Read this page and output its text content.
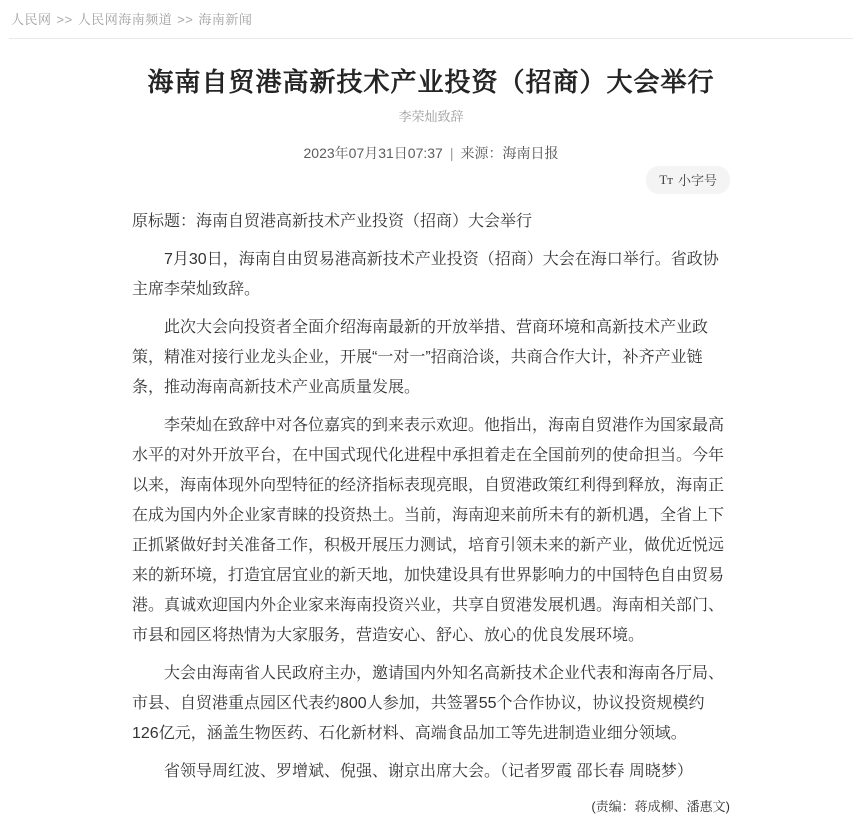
人民网 >> 人民网海南频道 >> 海南新闻
海南自贸港高新技术产业投资（招商）大会举行
李荣灿致辞
2023年07月31日07:37 | 来源：海南日报
Tᴛ 小字号

原标题：海南自贸港高新技术产业投资（招商）大会举行

7月30日，海南自由贸易港高新技术产业投资（招商）大会在海口举行。省政协主席李荣灿致辞。

此次大会向投资者全面介绍海南最新的开放举措、营商环境和高新技术产业政策，精准对接行业龙头企业，开展“一对一”招商洽谈，共商合作大计，补齐产业链条，推动海南高新技术产业高质量发展。

李荣灿在致辞中对各位嘉宾的到来表示欢迎。他指出，海南自贸港作为国家最高水平的对外开放平台，在中国式现代化进程中承担着走在全国前列的使命担当。今年以来，海南体现外向型特征的经济指标表现亮眼，自贸港政策红利得到释放，海南正在成为国内外企业家青睐的投资热土。当前，海南迎来前所未有的新机遇，全省上下正抓紧做好封关准备工作，积极开展压力测试，培育引领未来的新产业，做优近悦远来的新环境，打造宜居宜业的新天地，加快建设具有世界影响力的中国特色自由贸易港。真诚欢迎国内外企业家来海南投资兴业，共享自贸港发展机遇。海南相关部门、市县和园区将热情为大家服务，营造安心、舒心、放心的优良发展环境。

大会由海南省人民政府主办，邀请国内外知名高新技术企业代表和海南各厅局、市县、自贸港重点园区代表约800人参加，共签署55个合作协议，协议投资规模约126亿元，涵盖生物医药、石化新材料、高端食品加工等先进制造业细分领域。

省领导周红波、罗增斌、倪强、谢京出席大会。（记者罗霞 邵长春 周晓梦）

(责编：蒋成柳、潘惠文)
